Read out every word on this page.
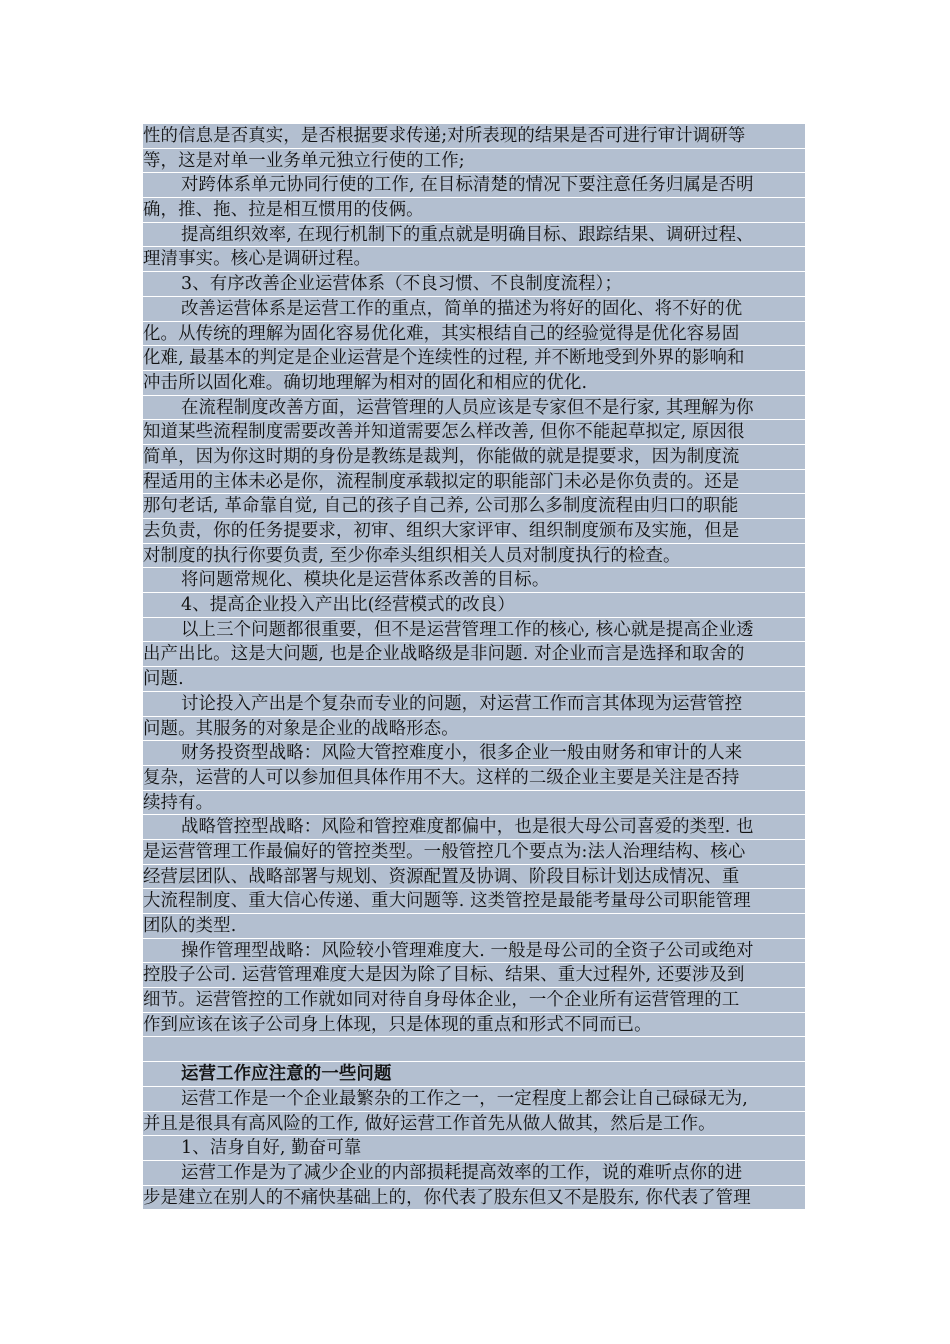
性的信息是否真实，是否根据要求传递;对所表现的结果是否可进行审计调研等
等，这是对单一业务单元独立行使的工作;
对跨体系单元协同行使的工作, 在目标清楚的情况下要注意任务归属是否明
确，推、拖、拉是相互惯用的伎俩。
提高组织效率, 在现行机制下的重点就是明确目标、跟踪结果、调研过程、
理清事实。核心是调研过程。
3、有序改善企业运营体系（不良习惯、不良制度流程）；
改善运营体系是运营工作的重点，简单的描述为将好的固化、将不好的优
化。从传统的理解为固化容易优化难，其实根结自己的经验觉得是优化容易固
化难, 最基本的判定是企业运营是个连续性的过程, 并不断地受到外界的影响和
冲击所以固化难。确切地理解为相对的固化和相应的优化.
在流程制度改善方面，运营管理的人员应该是专家但不是行家, 其理解为你
知道某些流程制度需要改善并知道需要怎么样改善, 但你不能起草拟定, 原因很
简单，因为你这时期的身份是教练是裁判，你能做的就是提要求，因为制度流
程适用的主体未必是你，流程制度承载拟定的职能部门未必是你负责的。还是
那句老话, 革命靠自觉, 自己的孩子自己养, 公司那么多制度流程由归口的职能
去负责，你的任务提要求，初审、组织大家评审、组织制度颁布及实施，但是
对制度的执行你要负责, 至少你牵头组织相关人员对制度执行的检查。
将问题常规化、模块化是运营体系改善的目标。
4、提高企业投入产出比(经营模式的改良）
以上三个问题都很重要，但不是运营管理工作的核心, 核心就是提高企业透
出产出比。这是大问题, 也是企业战略级是非问题. 对企业而言是选择和取舍的
问题.
讨论投入产出是个复杂而专业的问题，对运营工作而言其体现为运营管控
问题。其服务的对象是企业的战略形态。
财务投资型战略：风险大管控难度小，很多企业一般由财务和审计的人来
复杂，运营的人可以参加但具体作用不大。这样的二级企业主要是关注是否持
续持有。
战略管控型战略：风险和管控难度都偏中，也是很大母公司喜爱的类型. 也
是运营管理工作最偏好的管控类型。一般管控几个要点为:法人治理结构、核心
经营层团队、战略部署与规划、资源配置及协调、阶段目标计划达成情况、重
大流程制度、重大信心传递、重大问题等. 这类管控是最能考量母公司职能管理
团队的类型.
操作管理型战略：风险较小管理难度大. 一般是母公司的全资子公司或绝对
控股子公司. 运营管理难度大是因为除了目标、结果、重大过程外, 还要涉及到
细节。运营管控的工作就如同对待自身母体企业，一个企业所有运营管理的工
作到应该在该子公司身上体现，只是体现的重点和形式不同而已。
运营工作应注意的一些问题
运营工作是一个企业最繁杂的工作之一，一定程度上都会让自己碌碌无为,
并且是很具有高风险的工作, 做好运营工作首先从做人做其，然后是工作。
1、洁身自好, 勤奋可靠
运营工作是为了减少企业的内部损耗提高效率的工作，说的难听点你的进
步是建立在别人的不痛快基础上的，你代表了股东但又不是股东, 你代表了管理
